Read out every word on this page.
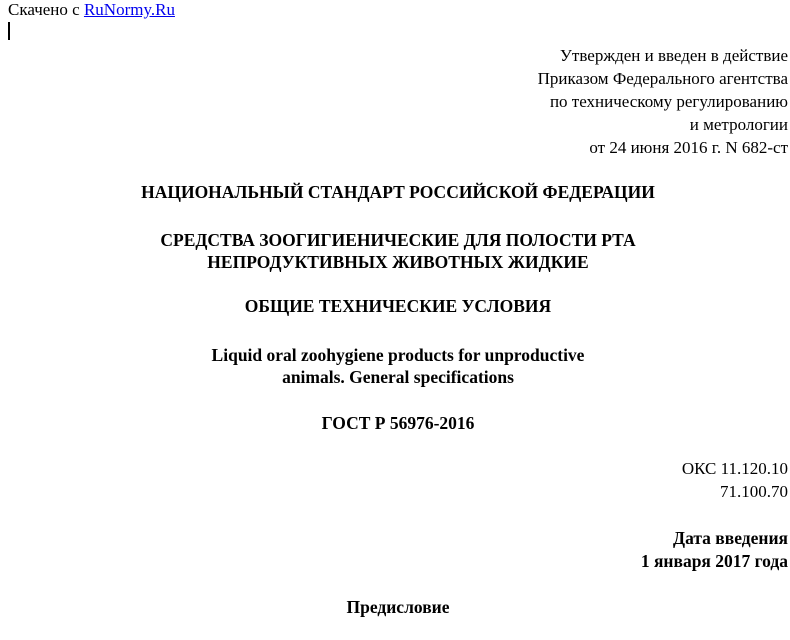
Скачено с RuNormy.Ru
Утвержден и введен в действие
Приказом Федерального агентства
по техническому регулированию
и метрологии
от 24 июня 2016 г. N 682-ст
НАЦИОНАЛЬНЫЙ СТАНДАРТ РОССИЙСКОЙ ФЕДЕРАЦИИ
СРЕДСТВА ЗООГИГИЕНИЧЕСКИЕ ДЛЯ ПОЛОСТИ РТА
НЕПРОДУКТИВНЫХ ЖИВОТНЫХ ЖИДКИЕ
ОБЩИЕ ТЕХНИЧЕСКИЕ УСЛОВИЯ
Liquid oral zoohygiene products for unproductive
animals. General specifications
ГОСТ Р 56976-2016
ОКС 11.120.10
71.100.70
Дата введения
1 января 2017 года
Предисловие
